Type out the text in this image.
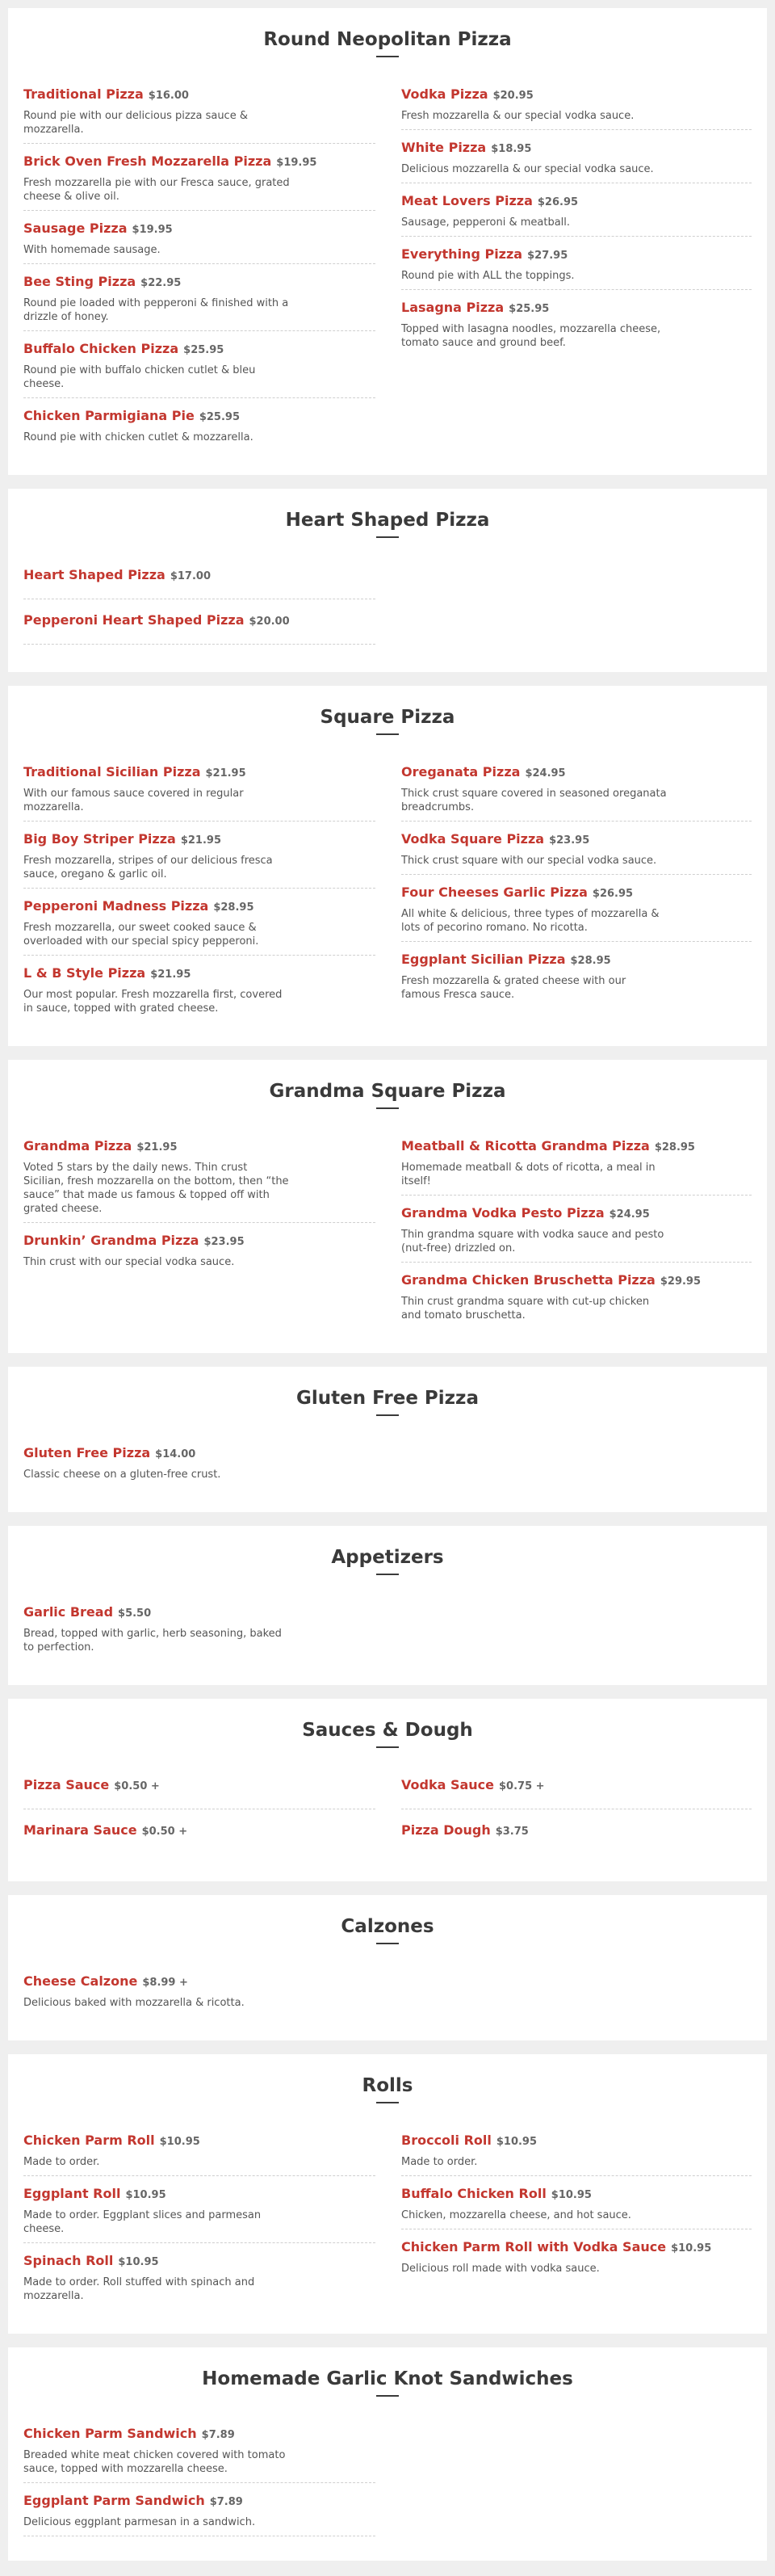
Round Neopolitan Pizza
Traditional Pizza $16.00
Round pie with our delicious pizza sauce & mozzarella.
Brick Oven Fresh Mozzarella Pizza $19.95
Fresh mozzarella pie with our Fresca sauce, grated cheese & olive oil.
Sausage Pizza $19.95
With homemade sausage.
Bee Sting Pizza $22.95
Round pie loaded with pepperoni & finished with a drizzle of honey.
Buffalo Chicken Pizza $25.95
Round pie with buffalo chicken cutlet & bleu cheese.
Chicken Parmigiana Pie $25.95
Round pie with chicken cutlet & mozzarella.
Vodka Pizza $20.95
Fresh mozzarella & our special vodka sauce.
White Pizza $18.95
Delicious mozzarella & our special vodka sauce.
Meat Lovers Pizza $26.95
Sausage, pepperoni & meatball.
Everything Pizza $27.95
Round pie with ALL the toppings.
Lasagna Pizza $25.95
Topped with lasagna noodles, mozzarella cheese, tomato sauce and ground beef.
Heart Shaped Pizza
Heart Shaped Pizza $17.00
Pepperoni Heart Shaped Pizza $20.00
Square Pizza
Traditional Sicilian Pizza $21.95
With our famous sauce covered in regular mozzarella.
Big Boy Striper Pizza $21.95
Fresh mozzarella, stripes of our delicious fresca sauce, oregano & garlic oil.
Pepperoni Madness Pizza $28.95
Fresh mozzarella, our sweet cooked sauce & overloaded with our special spicy pepperoni.
L & B Style Pizza $21.95
Our most popular. Fresh mozzarella first, covered in sauce, topped with grated cheese.
Oreganata Pizza $24.95
Thick crust square covered in seasoned oreganata breadcrumbs.
Vodka Square Pizza $23.95
Thick crust square with our special vodka sauce.
Four Cheeses Garlic Pizza $26.95
All white & delicious, three types of mozzarella & lots of pecorino romano. No ricotta.
Eggplant Sicilian Pizza $28.95
Fresh mozzarella & grated cheese with our famous Fresca sauce.
Grandma Square Pizza
Grandma Pizza $21.95
Voted 5 stars by the daily news. Thin crust Sicilian, fresh mozzarella on the bottom, then “the sauce” that made us famous & topped off with grated cheese.
Drunkin’ Grandma Pizza $23.95
Thin crust with our special vodka sauce.
Meatball & Ricotta Grandma Pizza $28.95
Homemade meatball & dots of ricotta, a meal in itself!
Grandma Vodka Pesto Pizza $24.95
Thin grandma square with vodka sauce and pesto (nut-free) drizzled on.
Grandma Chicken Bruschetta Pizza $29.95
Thin crust grandma square with cut-up chicken and tomato bruschetta.
Gluten Free Pizza
Gluten Free Pizza $14.00
Classic cheese on a gluten-free crust.
Appetizers
Garlic Bread $5.50
Bread, topped with garlic, herb seasoning, baked to perfection.
Sauces & Dough
Pizza Sauce $0.50 +
Marinara Sauce $0.50 +
Vodka Sauce $0.75 +
Pizza Dough $3.75
Calzones
Cheese Calzone $8.99 +
Delicious baked with mozzarella & ricotta.
Rolls
Chicken Parm Roll $10.95
Made to order.
Eggplant Roll $10.95
Made to order. Eggplant slices and parmesan cheese.
Spinach Roll $10.95
Made to order. Roll stuffed with spinach and mozzarella.
Broccoli Roll $10.95
Made to order.
Buffalo Chicken Roll $10.95
Chicken, mozzarella cheese, and hot sauce.
Chicken Parm Roll with Vodka Sauce $10.95
Delicious roll made with vodka sauce.
Homemade Garlic Knot Sandwiches
Chicken Parm Sandwich $7.89
Breaded white meat chicken covered with tomato sauce, topped with mozzarella cheese.
Eggplant Parm Sandwich $7.89
Delicious eggplant parmesan in a sandwich.
